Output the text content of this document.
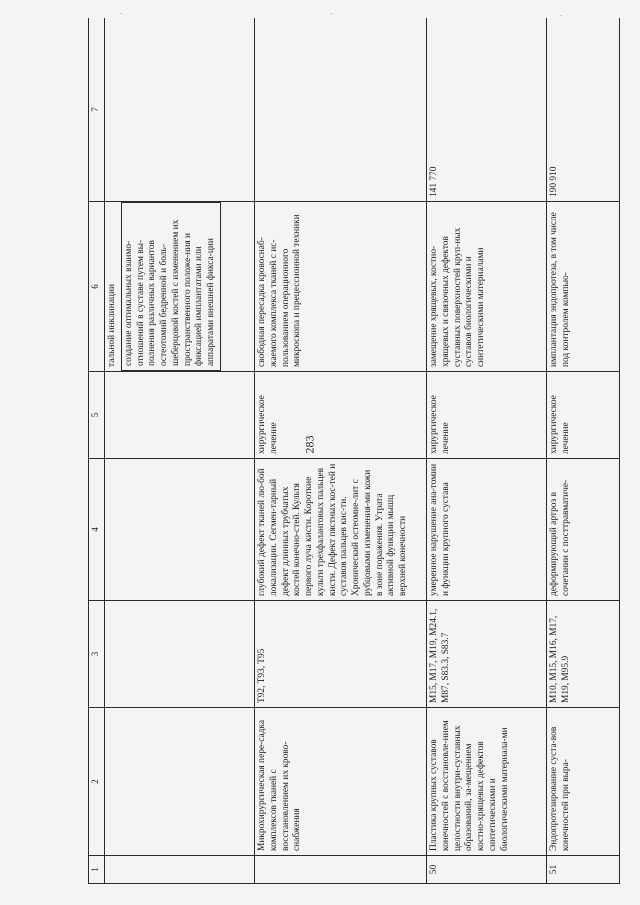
283
.	.	.
1	2	3	4	5	6	7

					тальной инклинации создание оптимальных взаимо-отношений в суставе путем вы-полнения различных вариантов остеотомий бедренной и боль-шеберцовой костей с изменением их пространственного положе-ния и фиксацией имплантатами или аппаратами внешней фикса-ции	

	Микрохирургическая пере-садка комплексов тканей с восстановлением их крово-снабжения	T92, T93, T95	глубокий дефект тканей лю-бой локализации. Сегмен-тарный дефект длинных трубчатых костей конечно-стей. Культя первого луча кисти. Короткие культи трехфаланговых пальцев кисти. Дефект пястных кос-тей и суставов пальцев кис-ти. Хронический остеомие-лит с рубцовыми изменения-ми кожи в зоне поражения. Утрата активной функции мышц верхней конечности	хирургическое лечение	свободная пересадка кровоснаб-жаемого комплекса тканей с ис-пользованием операционного микроскопа и прецессионной техники	
50	Пластика крупных суставов конечностей с восстановле-нием целостности внутри-суставных образований, за-мещением костно-хрящевых дефектов синтетическими и биологическими материала-ми	M15, M17, M19, M24.1, M87, S83.3, S83.7	умеренное нарушение ана-томии и функции крупного сустава	хирургическое лечение	замещение хрящевых, костно-хрящевых и связочных дефектов суставных поверхностей круп-ных суставов биологическими и синтетическими материалами	141 770
51	Эндопротезирование суста-вов конечностей при выра-	M10, M15, M16, M17, M19, M95.9	деформирующий артроз в сочетании с посттравматиче-	хирургическое лечение	имплантация эндопротеза, в том числе под контролем компью-	190 910
